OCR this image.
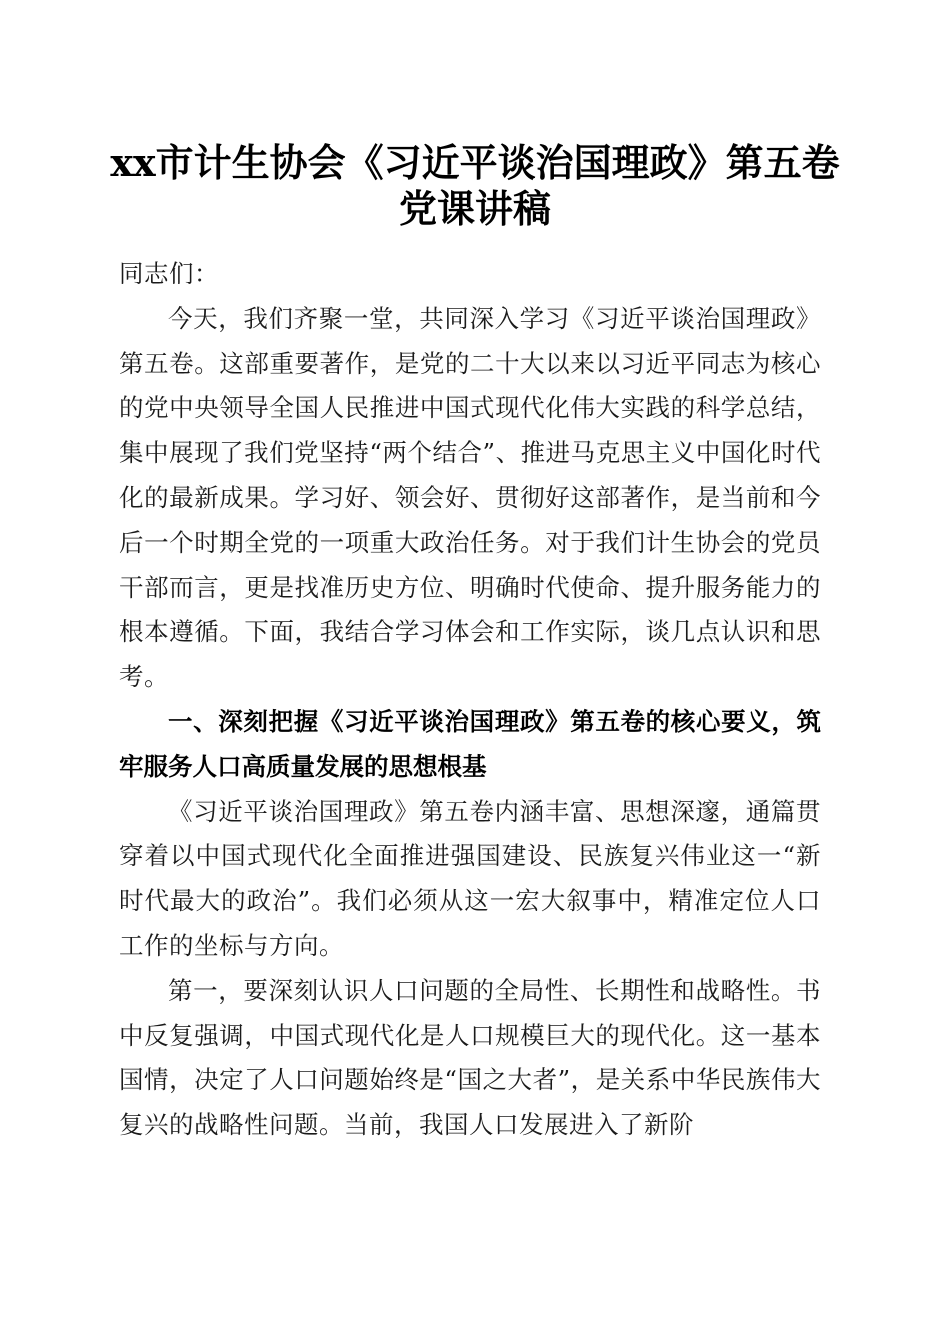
xx市计生协会《习近平谈治国理政》第五卷
党课讲稿

同志们：

今天，我们齐聚一堂，共同深入学习《习近平谈治国理政》第五卷。这部重要著作，是党的二十大以来以习近平同志为核心的党中央领导全国人民推进中国式现代化伟大实践的科学总结，集中展现了我们党坚持“两个结合”、推进马克思主义中国化时代化的最新成果。学习好、领会好、贯彻好这部著作，是当前和今后一个时期全党的一项重大政治任务。对于我们计生协会的党员干部而言，更是找准历史方位、明确时代使命、提升服务能力的根本遵循。下面，我结合学习体会和工作实际，谈几点认识和思考。

一、深刻把握《习近平谈治国理政》第五卷的核心要义，筑牢服务人口高质量发展的思想根基

《习近平谈治国理政》第五卷内涵丰富、思想深邃，通篇贯穿着以中国式现代化全面推进强国建设、民族复兴伟业这一“新时代最大的政治”。我们必须从这一宏大叙事中，精准定位人口工作的坐标与方向。

第一，要深刻认识人口问题的全局性、长期性和战略性。书中反复强调，中国式现代化是人口规模巨大的现代化。这一基本国情，决定了人口问题始终是“国之大者”，是关系中华民族伟大复兴的战略性问题。当前，我国人口发展进入了新阶
